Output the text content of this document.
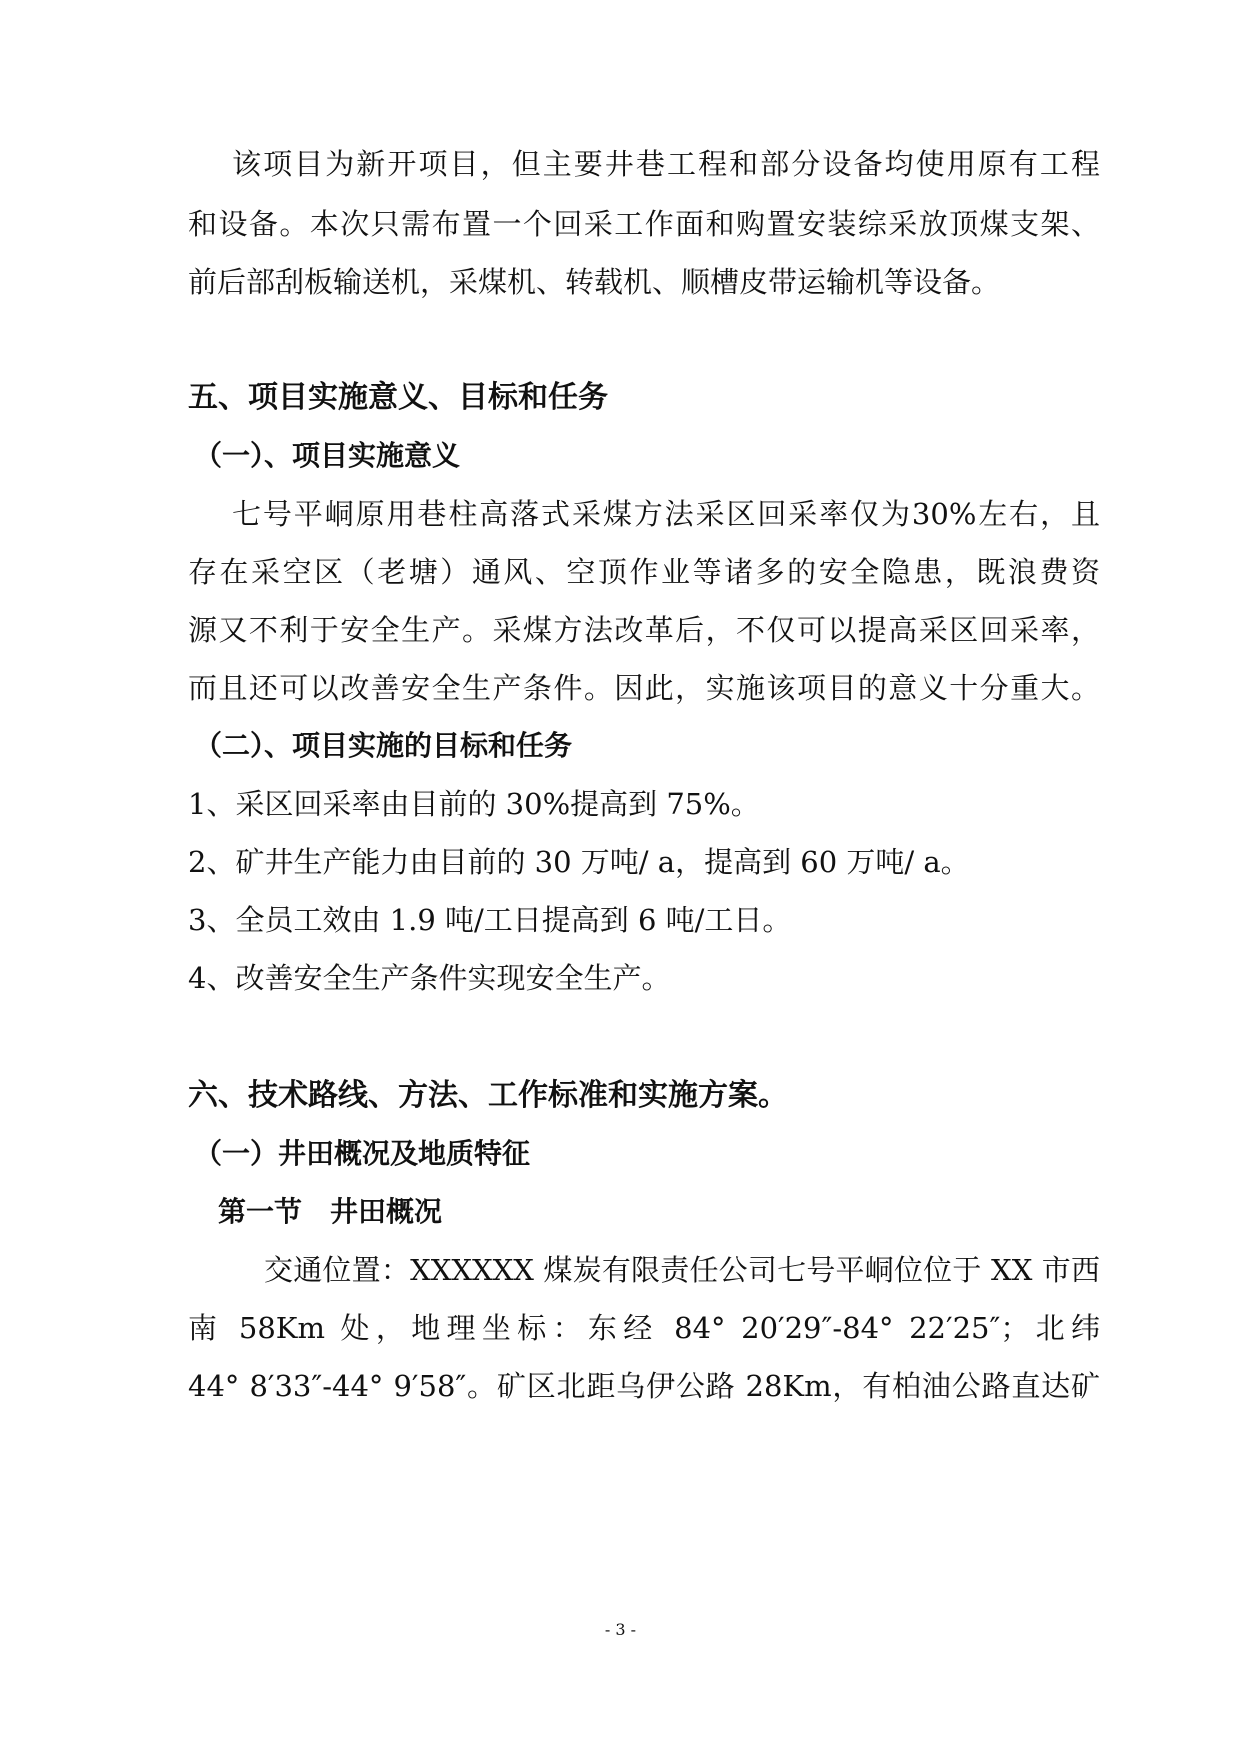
该项目为新开项目，但主要井巷工程和部分设备均使用原有工程
和设备。本次只需布置一个回采工作面和购置安装综采放顶煤支架、
前后部刮板输送机，采煤机、转载机、顺槽皮带运输机等设备。
五、项目实施意义、目标和任务
（一）、项目实施意义
七号平峒原用巷柱高落式采煤方法采区回采率仅为30%左右，且
存在采空区（老塘）通风、空顶作业等诸多的安全隐患，既浪费资
源又不利于安全生产。采煤方法改革后，不仅可以提高采区回采率，
而且还可以改善安全生产条件。因此，实施该项目的意义十分重大。
（二）、项目实施的目标和任务
1、采区回采率由目前的 30%提高到 75%。
2、矿井生产能力由目前的 30 万吨/ a，提高到 60 万吨/ a。
3、全员工效由 1.9 吨/工日提高到 6 吨/工日。
4、改善安全生产条件实现安全生产。
六、技术路线、方法、工作标准和实施方案。
（一）井田概况及地质特征
第一节　井田概况
交通位置：XXXXXX 煤炭有限责任公司七号平峒位位于 XX 市西
南 58Km 处，地理坐标：东经 84° 20′29″-84° 22′25″；北纬
44° 8′33″-44° 9′58″。矿区北距乌伊公路 28Km，有柏油公路直达矿
- 3 -
